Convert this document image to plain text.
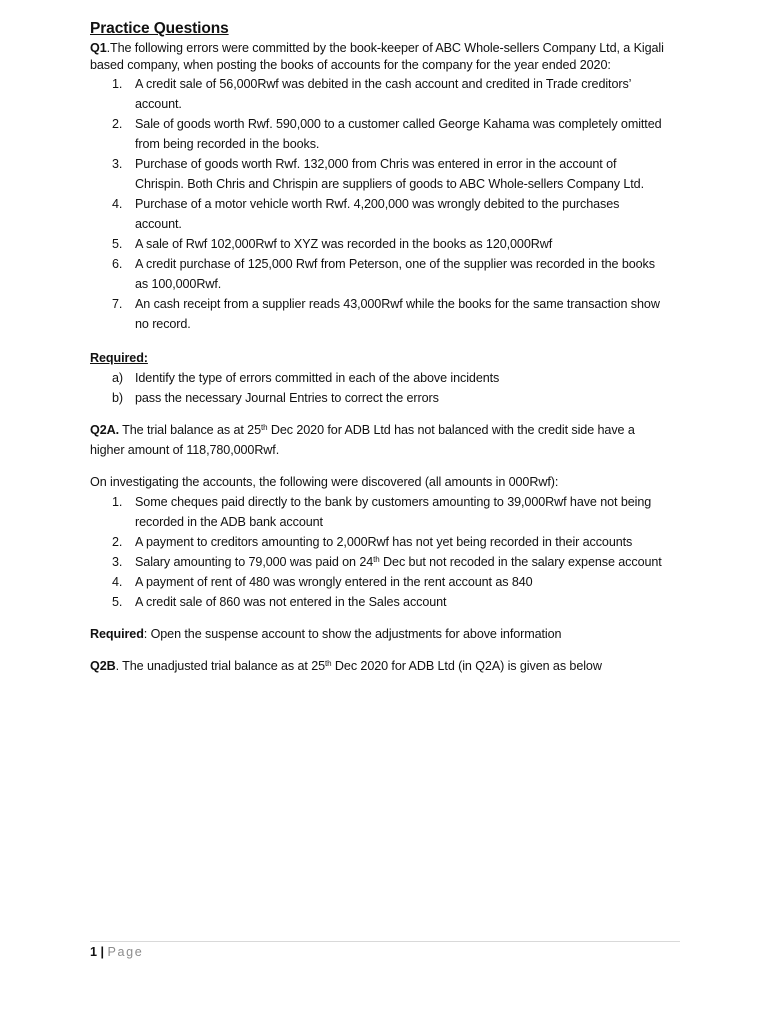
Practice Questions

Q1.The following errors were committed by the book-keeper of ABC Whole-sellers Company Ltd, a Kigali
based company, when posting the books of accounts for the company for the year ended 2020:

1.	A credit sale of 56,000Rwf was debited in the cash account and credited in Trade creditors’
account.
2.	Sale of goods worth Rwf. 590,000 to a customer called George Kahama was completely omitted
from being recorded in the books.
3.	Purchase of goods worth Rwf. 132,000 from Chris was entered in error in the account of
Chrispin. Both Chris and Chrispin are suppliers of goods to ABC Whole-sellers Company Ltd.
4.	Purchase of a motor vehicle worth Rwf. 4,200,000 was wrongly debited to the purchases
account.
5.	A sale of Rwf 102,000Rwf to XYZ was recorded in the books as 120,000Rwf
6.	A credit purchase of 125,000 Rwf from Peterson, one of the supplier was recorded in the books
as 100,000Rwf.
7.	An cash receipt from a supplier reads 43,000Rwf while the books for the same transaction show
no record.

Required:

a) Identify the type of errors committed in each of the above incidents
b) pass the necessary Journal Entries to correct the errors

Q2A. The trial balance as at 25th Dec 2020 for ADB Ltd has not balanced with the credit side have a
higher amount of 118,780,000Rwf.

On investigating the accounts, the following were discovered (all amounts in 000Rwf):

1.	Some cheques paid directly to the bank by customers amounting to 39,000Rwf have not being
recorded in the ADB bank account
2.	A payment to creditors amounting to 2,000Rwf has not yet being recorded in their accounts
3.	Salary amounting to 79,000 was paid on 24th Dec but not recoded in the salary expense account
4.	A payment of rent of 480 was wrongly entered in the rent account as 840
5.	A credit sale of 860 was not entered in the Sales account

Required: Open the suspense account to show the adjustments for above information

Q2B. The unadjusted trial balance as at 25th Dec 2020 for ADB Ltd (in Q2A) is given as below

1 | Page
